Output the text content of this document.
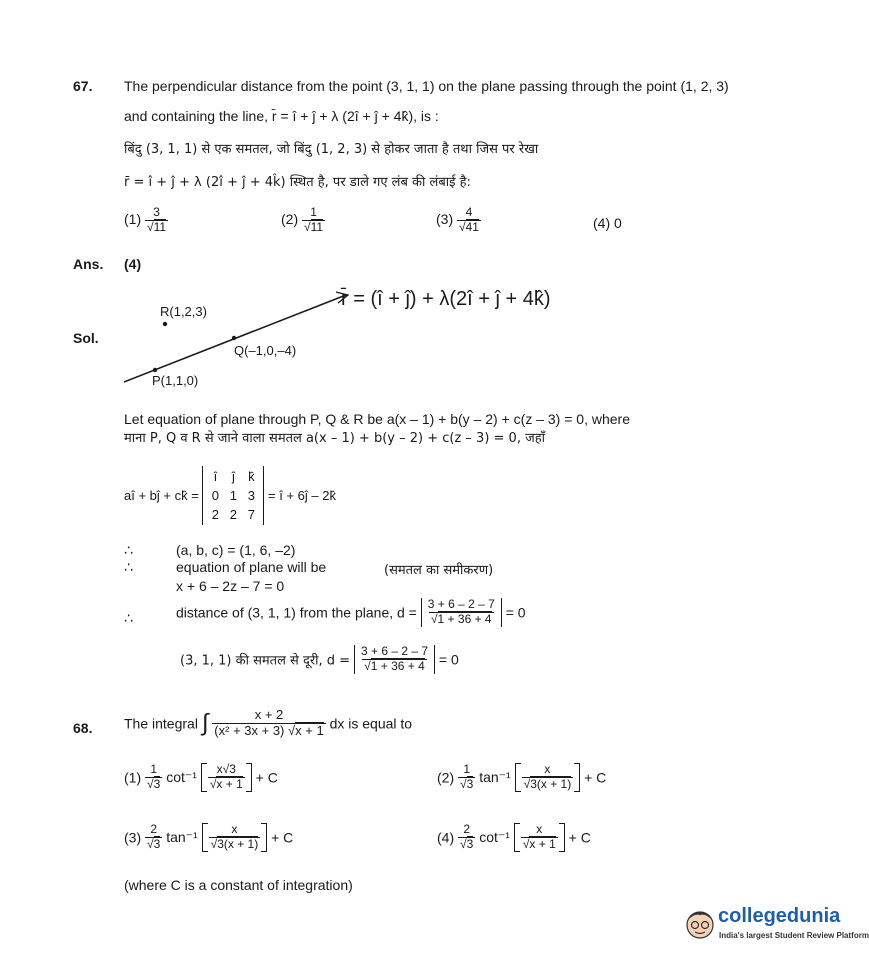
67. The perpendicular distance from the point (3, 1, 1) on the plane passing through the point (1, 2, 3)
and containing the line, r̄ = î + ĵ + λ (2î + ĵ + 4k̂), is :
बिंदु (3, 1, 1) से एक समतल, जो बिंदु (1, 2, 3) से होकर जाता है तथा जिस पर रेखा
r̄ = î + ĵ + λ (2î + ĵ + 4k̂) स्थित है, पर डाले गए लंब की लंबाई है:
(1) 3
√ 11	(2) 1
√ 11	(3) 4
√ 41	(4) 0
Ans. (4)
Sol.
R(1,2,3)
Q(–1,0,–4)
P(1,1,0)
r̄ = (î + ĵ) + λ(2î + ĵ + 4k̂)
Let equation of plane through P, Q & R be a(x – 1) + b(y – 2) + c(z – 3) = 0, where
माना P, Q व R से जाने वाला समतल a(x – 1) + b(y – 2) + c(z – 3) = 0, जहाँ
aî + bĵ + ck̂ =
î	ĵ	k̂
0 1 3
2 2 7
= î + 6ĵ – 2k̂
∴	(a, b, c) = (1, 6, –2)
∴	equation of plane will be	(समतल का समीकरण)
x + 6 – 2z – 7 = 0
∴	distance of (3, 1, 1) from the plane, d = 3 + 6 – 2 – 7
√ 1 + 36 + 4 = 0
(3, 1, 1) की समतल से दूरी, d = 3 + 6 – 2 – 7
√ 1 + 36 + 4 = 0
68. The integral ∫ $\frac{x + 2}{\text{(x² + 3x + 3) √ x + 1}}$ dx is equal to
(1) 1
√ 3 cot⁻¹ x√3
√ x + 1 + C	(2) 1
√ 3 tan⁻¹ x
√ 3(x + 1) + C
(3) 2
√ 3 tan⁻¹ x
√ 3(x + 1) + C	(4) 2
√ 3 cot⁻¹ x
√ x + 1 + C
(where C is a constant of integration)
collegedunia
India's largest Student Review Platform
